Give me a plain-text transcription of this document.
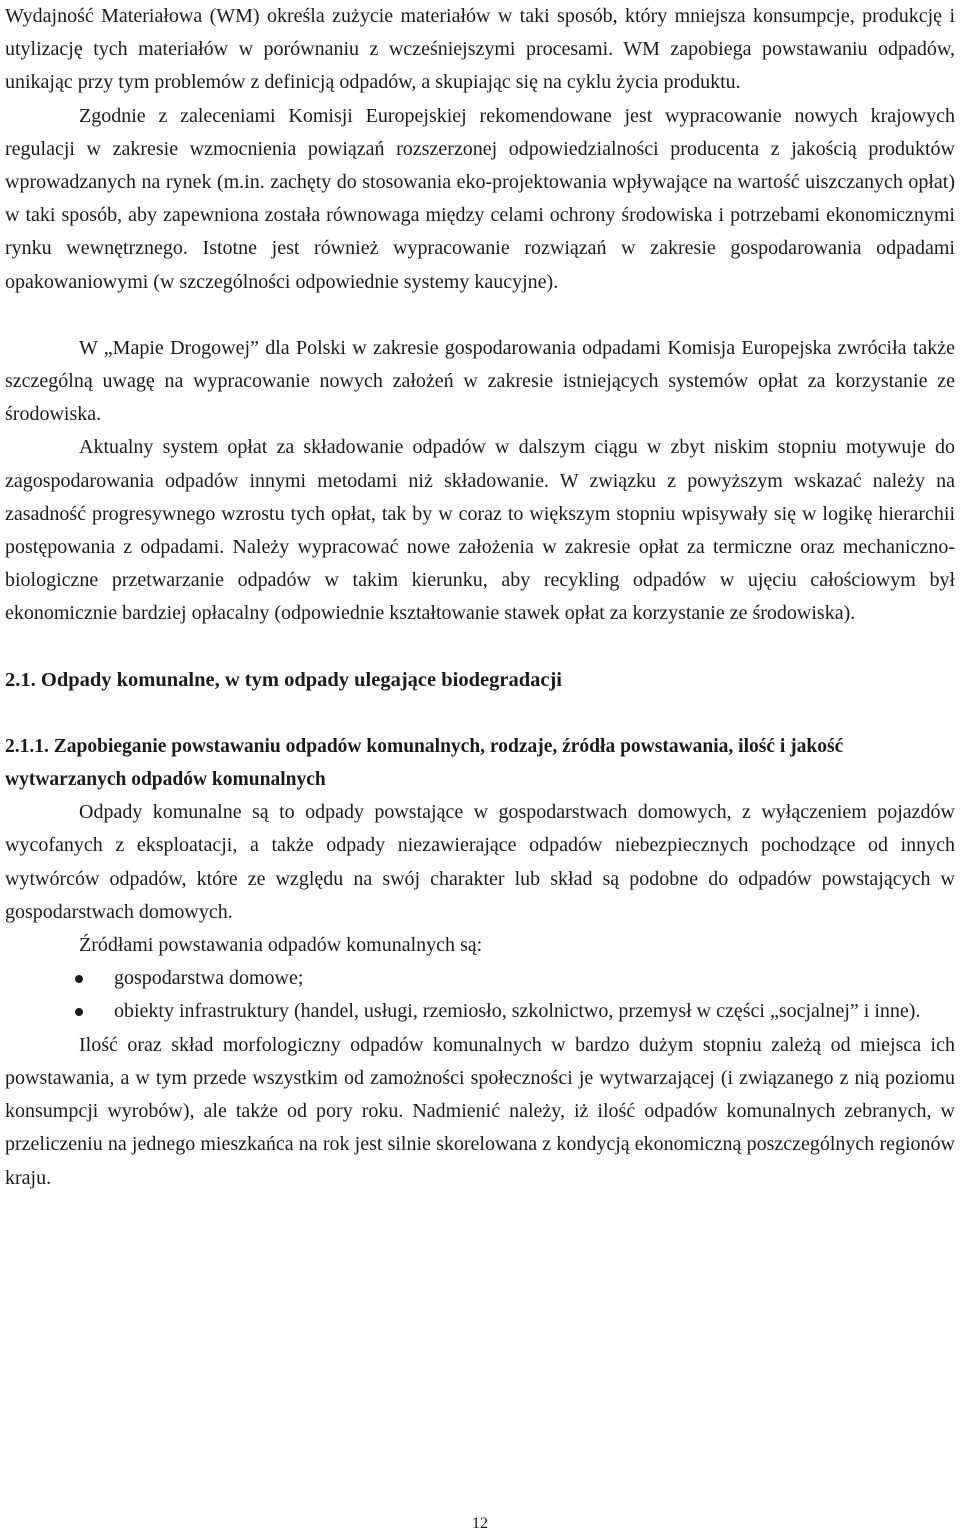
Wydajność Materiałowa (WM) określa zużycie materiałów w taki sposób, który mniejsza konsumpcje, produkcję i utylizację tych materiałów w porównaniu z wcześniejszymi procesami. WM zapobiega powstawaniu odpadów, unikając przy tym problemów z definicją odpadów, a skupiając się na cyklu życia produktu.

Zgodnie z zaleceniami Komisji Europejskiej rekomendowane jest wypracowanie nowych krajowych regulacji w zakresie wzmocnienia powiązań rozszerzonej odpowiedzialności producenta z jakością produktów wprowadzanych na rynek (m.in. zachęty do stosowania eko-projektowania wpływające na wartość uiszczanych opłat) w taki sposób, aby zapewniona została równowaga między celami ochrony środowiska i potrzebami ekonomicznymi rynku wewnętrznego. Istotne jest również wypracowanie rozwiązań w zakresie gospodarowania odpadami opakowaniowymi (w szczególności odpowiednie systemy kaucyjne).

W „Mapie Drogowej” dla Polski w zakresie gospodarowania odpadami Komisja Europejska zwróciła także szczególną uwagę na wypracowanie nowych założeń w zakresie istniejących systemów opłat za korzystanie ze środowiska.

Aktualny system opłat za składowanie odpadów w dalszym ciągu w zbyt niskim stopniu motywuje do zagospodarowania odpadów innymi metodami niż składowanie. W związku z powyższym wskazać należy na zasadność progresywnego wzrostu tych opłat, tak by w coraz to większym stopniu wpisywały się w logikę hierarchii postępowania z odpadami. Należy wypracować nowe założenia w zakresie opłat za termiczne oraz mechaniczno-biologiczne przetwarzanie odpadów w takim kierunku, aby recykling odpadów w ujęciu całościowym był ekonomicznie bardziej opłacalny (odpowiednie kształtowanie stawek opłat za korzystanie ze środowiska).

2.1. Odpady komunalne, w tym odpady ulegające biodegradacji
2.1.1. Zapobieganie powstawaniu odpadów komunalnych, rodzaje, źródła powstawania, ilość i jakość wytwarzanych odpadów komunalnych

Odpady komunalne są to odpady powstające w gospodarstwach domowych, z wyłączeniem pojazdów wycofanych z eksploatacji, a także odpady niezawierające odpadów niebezpiecznych pochodzące od innych wytwórców odpadów, które ze względu na swój charakter lub skład są podobne do odpadów powstających w gospodarstwach domowych.

Źródłami powstawania odpadów komunalnych są:

gospodarstwa domowe;
obiekty infrastruktury (handel, usługi, rzemiosło, szkolnictwo, przemysł w części „socjalnej” i inne).

Ilość oraz skład morfologiczny odpadów komunalnych w bardzo dużym stopniu zależą od miejsca ich powstawania, a w tym przede wszystkim od zamożności społeczności je wytwarzającej (i związanego z nią poziomu konsumpcji wyrobów), ale także od pory roku. Nadmienić należy, iż ilość odpadów komunalnych zebranych, w przeliczeniu na jednego mieszkańca na rok jest silnie skorelowana z kondycją ekonomiczną poszczególnych regionów kraju.

12
